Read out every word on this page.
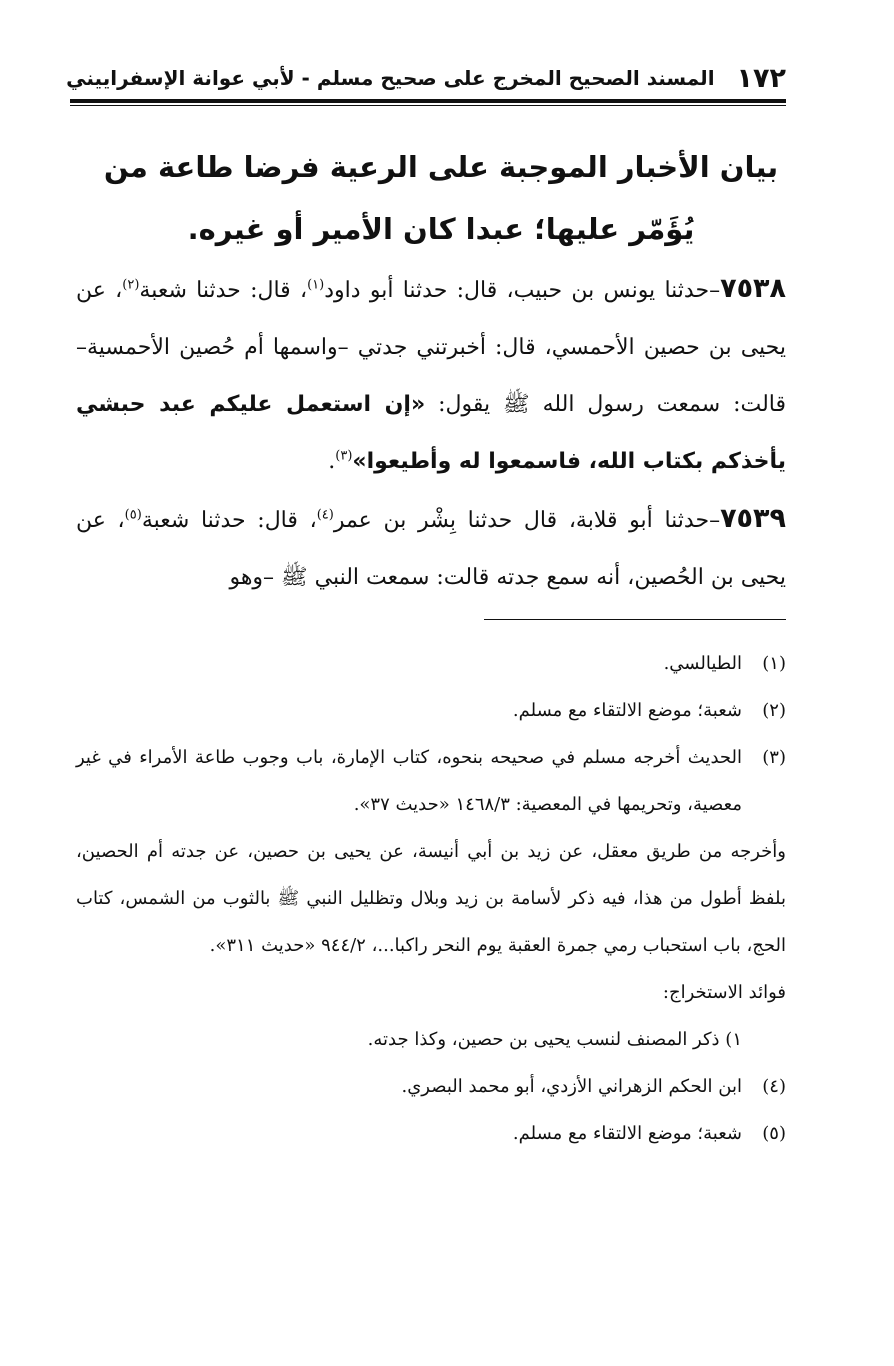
١٧٢
المسند الصحيح المخرج على صحيح مسلم - لأبي عوانة الإسفراييني
بيان الأخبار الموجبة على الرعية فرضا طاعة من يُؤَمّر عليها؛ عبدا كان الأمير أو غيره.

٧٥٣٨–حدثنا يونس بن حبيب، قال: حدثنا أبو داود$^{(١)}$، قال: حدثنا شعبة$^{(٢)}$، عن يحيى بن حصين الأحمسي، قال: أخبرتني جدتي –واسمها أم حُصين الأحمسية– قالت: سمعت رسول الله ﷺ يقول: «إن استعمل عليكم عبد حبشي يأخذكم بكتاب الله، فاسمعوا له وأطيعوا»$^{(٣)}$.

٧٥٣٩–حدثنا أبو قلابة، قال حدثنا بِشْر بن عمر$^{(٤)}$، قال: حدثنا شعبة$^{(٥)}$، عن يحيى بن الحُصين، أنه سمع جدته قالت: سمعت النبي ﷺ –وهو

(١)
الطيالسي.
(٢)
شعبة؛ موضع الالتقاء مع مسلم.
(٣)
الحديث أخرجه مسلم في صحيحه بنحوه، كتاب الإمارة، باب وجوب طاعة الأمراء في غير معصية، وتحريمها في المعصية: ١٤٦٨/٣ «حديث ٣٧».
وأخرجه من طريق معقل، عن زيد بن أبي أنيسة، عن يحيى بن حصين، عن جدته أم الحصين، بلفظ أطول من هذا، فيه ذكر لأسامة بن زيد وبلال وتظليل النبي ﷺ بالثوب من الشمس، كتاب الحج، باب استحباب رمي جمرة العقبة يوم النحر راكبا...، ٩٤٤/٢ «حديث ٣١١».
فوائد الاستخراج:
١) ذكر المصنف لنسب يحيى بن حصين، وكذا جدته.
(٤)
ابن الحكم الزهراني الأزدي، أبو محمد البصري.
(٥)
شعبة؛ موضع الالتقاء مع مسلم.
